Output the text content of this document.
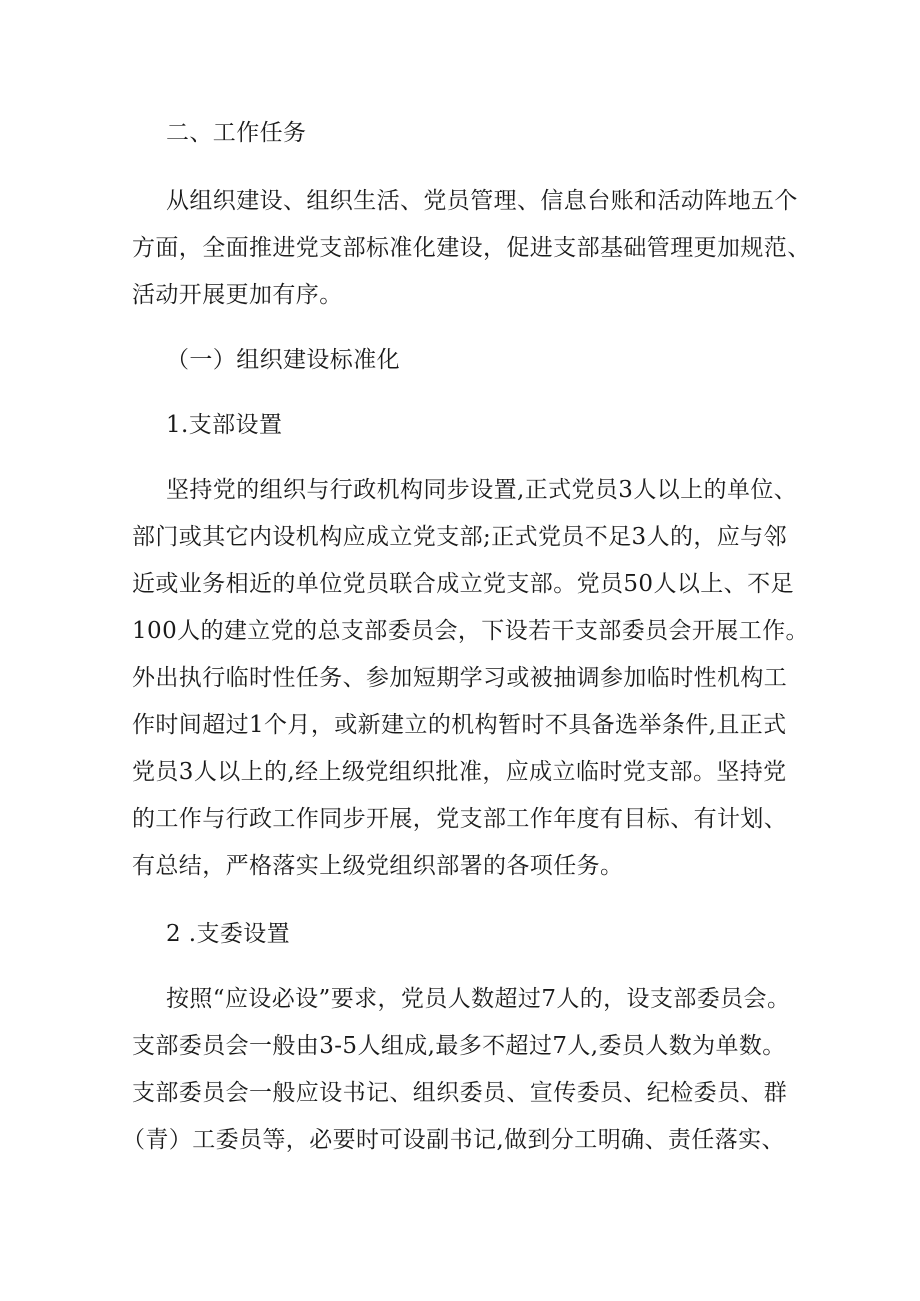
二、工作任务
从组织建设、组织生活、党员管理、信息台账和活动阵地五个
方面，全面推进党支部标准化建设，促进支部基础管理更加规范、
活动开展更加有序。
（一）组织建设标准化
1.支部设置
坚持党的组织与行政机构同步设置,正式党员3人以上的单位、
部门或其它内设机构应成立党支部;正式党员不足3人的，应与邻
近或业务相近的单位党员联合成立党支部。党员50人以上、不足
100人的建立党的总支部委员会，下设若干支部委员会开展工作。
外出执行临时性任务、参加短期学习或被抽调参加临时性机构工
作时间超过1个月，或新建立的机构暂时不具备选举条件,且正式
党员3人以上的,经上级党组织批准，应成立临时党支部。坚持党
的工作与行政工作同步开展，党支部工作年度有目标、有计划、
有总结，严格落实上级党组织部署的各项任务。
2 .支委设置
按照“应设必设”要求，党员人数超过7人的，设支部委员会。
支部委员会一般由3-5人组成,最多不超过7人,委员人数为单数。
支部委员会一般应设书记、组织委员、宣传委员、纪检委员、群
（青）工委员等，必要时可设副书记,做到分工明确、责任落实、
